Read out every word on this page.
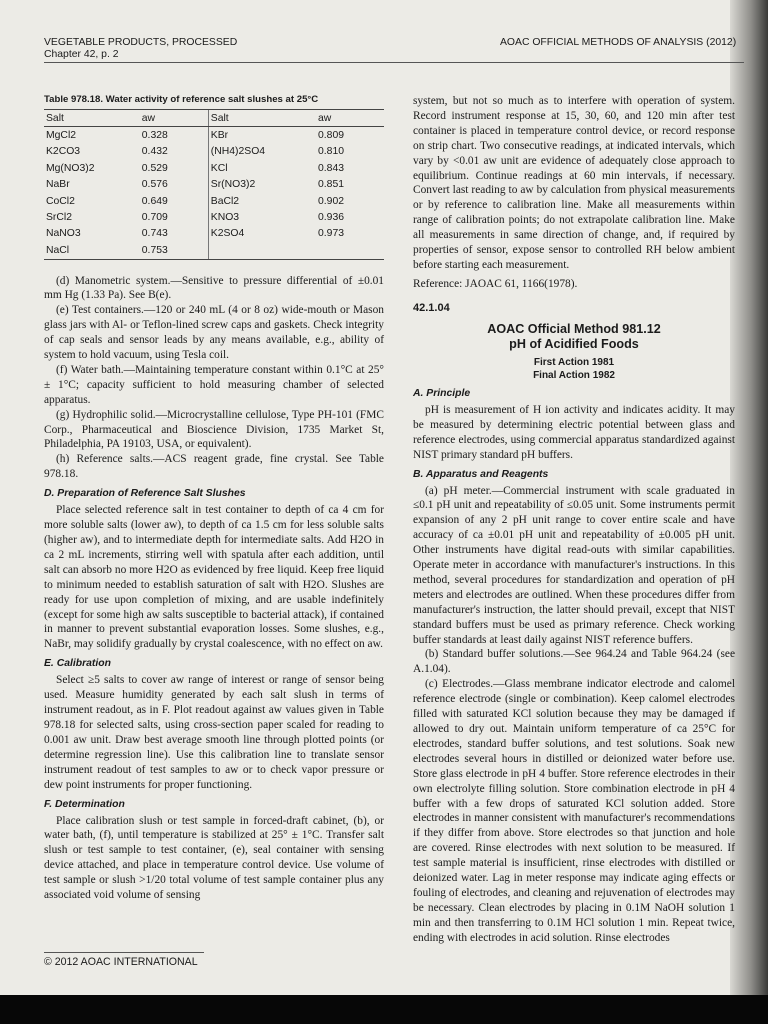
VEGETABLE PRODUCTS, PROCESSED
Chapter 42, p. 2
AOAC OFFICIAL METHODS OF ANALYSIS (2012)
Table 978.18. Water activity of reference salt slushes at 25°C
Salt	aw	Salt	aw
MgCl2	0.328	KBr	0.809
K2CO3	0.432	(NH4)2SO4	0.810
Mg(NO3)2	0.529	KCl	0.843
NaBr	0.576	Sr(NO3)2	0.851
CoCl2	0.649	BaCl2	0.902
SrCl2	0.709	KNO3	0.936
NaNO3	0.743	K2SO4	0.973
NaCl	0.753		

(d) Manometric system.—Sensitive to pressure differential of ±0.01 mm Hg (1.33 Pa). See B(e).

(e) Test containers.—120 or 240 mL (4 or 8 oz) wide-mouth or Mason glass jars with Al- or Teflon-lined screw caps and gaskets. Check integrity of cap seals and sensor leads by any means available, e.g., ability of system to hold vacuum, using Tesla coil.

(f) Water bath.—Maintaining temperature constant within 0.1°C at 25° ± 1°C; capacity sufficient to hold measuring chamber of selected apparatus.

(g) Hydrophilic solid.—Microcrystalline cellulose, Type PH-101 (FMC Corp., Pharmaceutical and Bioscience Division, 1735 Market St, Philadelphia, PA 19103, USA, or equivalent).

(h) Reference salts.—ACS reagent grade, fine crystal. See Table 978.18.

D. Preparation of Reference Salt Slushes

Place selected reference salt in test container to depth of ca 4 cm for more soluble salts (lower aw), to depth of ca 1.5 cm for less soluble salts (higher aw), and to intermediate depth for intermediate salts. Add H2O in ca 2 mL increments, stirring well with spatula after each addition, until salt can absorb no more H2O as evidenced by free liquid. Keep free liquid to minimum needed to establish saturation of salt with H2O. Slushes are ready for use upon completion of mixing, and are usable indefinitely (except for some high aw salts susceptible to bacterial attack), if contained in manner to prevent substantial evaporation losses. Some slushes, e.g., NaBr, may solidify gradually by crystal coalescence, with no effect on aw.

E. Calibration

Select ≥5 salts to cover aw range of interest or range of sensor being used. Measure humidity generated by each salt slush in terms of instrument readout, as in F. Plot readout against aw values given in Table 978.18 for selected salts, using cross-section paper scaled for reading to 0.001 aw unit. Draw best average smooth line through plotted points (or determine regression line). Use this calibration line to translate sensor instrument readout of test samples to aw or to check vapor pressure or dew point instruments for proper functioning.

F. Determination

Place calibration slush or test sample in forced-draft cabinet, (b), or water bath, (f), until temperature is stabilized at 25° ± 1°C. Transfer salt slush or test sample to test container, (e), seal container with sensing device attached, and place in temperature control device. Use volume of test sample or slush >1/20 total volume of test sample container plus any associated void volume of sensing

system, but not so much as to interfere with operation of system. Record instrument response at 15, 30, 60, and 120 min after test container is placed in temperature control device, or record response on strip chart. Two consecutive readings, at indicated intervals, which vary by <0.01 aw unit are evidence of adequately close approach to equilibrium. Continue readings at 60 min intervals, if necessary. Convert last reading to aw by calculation from physical measurements or by reference to calibration line. Make all measurements within range of calibration points; do not extrapolate calibration line. Make all measurements in same direction of change, and, if required by properties of sensor, expose sensor to controlled RH below ambient before starting each measurement.

Reference: JAOAC 61, 1166(1978).
42.1.04
AOAC Official Method 981.12
pH of Acidified Foods
First Action 1981
Final Action 1982
A. Principle

pH is measurement of H ion activity and indicates acidity. It may be measured by determining electric potential between glass and reference electrodes, using commercial apparatus standardized against NIST primary standard pH buffers.

B. Apparatus and Reagents

(a) pH meter.—Commercial instrument with scale graduated in ≤0.1 pH unit and repeatability of ≤0.05 unit. Some instruments permit expansion of any 2 pH unit range to cover entire scale and have accuracy of ca ±0.01 pH unit and repeatability of ±0.005 pH unit. Other instruments have digital read-outs with similar capabilities. Operate meter in accordance with manufacturer's instructions. In this method, several procedures for standardization and operation of pH meters and electrodes are outlined. When these procedures differ from manufacturer's instruction, the latter should prevail, except that NIST standard buffers must be used as primary reference. Check working buffer standards at least daily against NIST reference buffers.

(b) Standard buffer solutions.—See 964.24 and Table 964.24 (see A.1.04).

(c) Electrodes.—Glass membrane indicator electrode and calomel reference electrode (single or combination). Keep calomel electrodes filled with saturated KCl solution because they may be damaged if allowed to dry out. Maintain uniform temperature of ca 25°C for electrodes, standard buffer solutions, and test solutions. Soak new electrodes several hours in distilled or deionized water before use. Store glass electrode in pH 4 buffer. Store reference electrodes in their own electrolyte filling solution. Store combination electrode in pH 4 buffer with a few drops of saturated KCl solution added. Store electrodes in manner consistent with manufacturer's recommendations if they differ from above. Store electrodes so that junction and hole are covered. Rinse electrodes with next solution to be measured. If test sample material is insufficient, rinse electrodes with distilled or deionized water. Lag in meter response may indicate aging effects or fouling of electrodes, and cleaning and rejuvenation of electrodes may be necessary. Clean electrodes by placing in 0.1M NaOH solution 1 min and then transferring to 0.1M HCl solution 1 min. Repeat twice, ending with electrodes in acid solution. Rinse electrodes

© 2012 AOAC INTERNATIONAL
